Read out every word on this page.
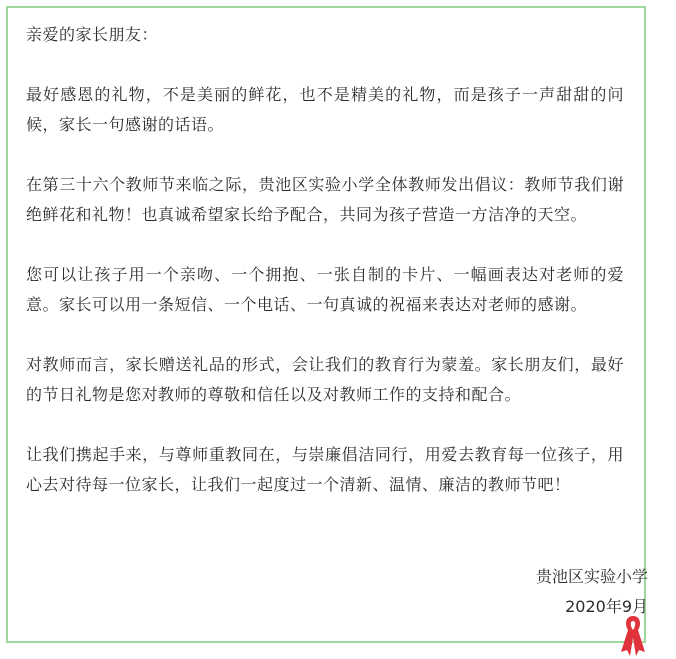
亲爱的家长朋友：

最好感恩的礼物，不是美丽的鲜花，也不是精美的礼物，而是孩子一声甜甜的问候，家长一句感谢的话语。

在第三十六个教师节来临之际，贵池区实验小学全体教师发出倡议：教师节我们谢绝鲜花和礼物！也真诚希望家长给予配合，共同为孩子营造一方洁净的天空。

您可以让孩子用一个亲吻、一个拥抱、一张自制的卡片、一幅画表达对老师的爱意。家长可以用一条短信、一个电话、一句真诚的祝福来表达对老师的感谢。

对教师而言，家长赠送礼品的形式，会让我们的教育行为蒙羞。家长朋友们，最好的节日礼物是您对教师的尊敬和信任以及对教师工作的支持和配合。

让我们携起手来，与尊师重教同在，与崇廉倡洁同行，用爱去教育每一位孩子，用心去对待每一位家长，让我们一起度过一个清新、温情、廉洁的教师节吧！

贵池区实验小学
2020年9月
